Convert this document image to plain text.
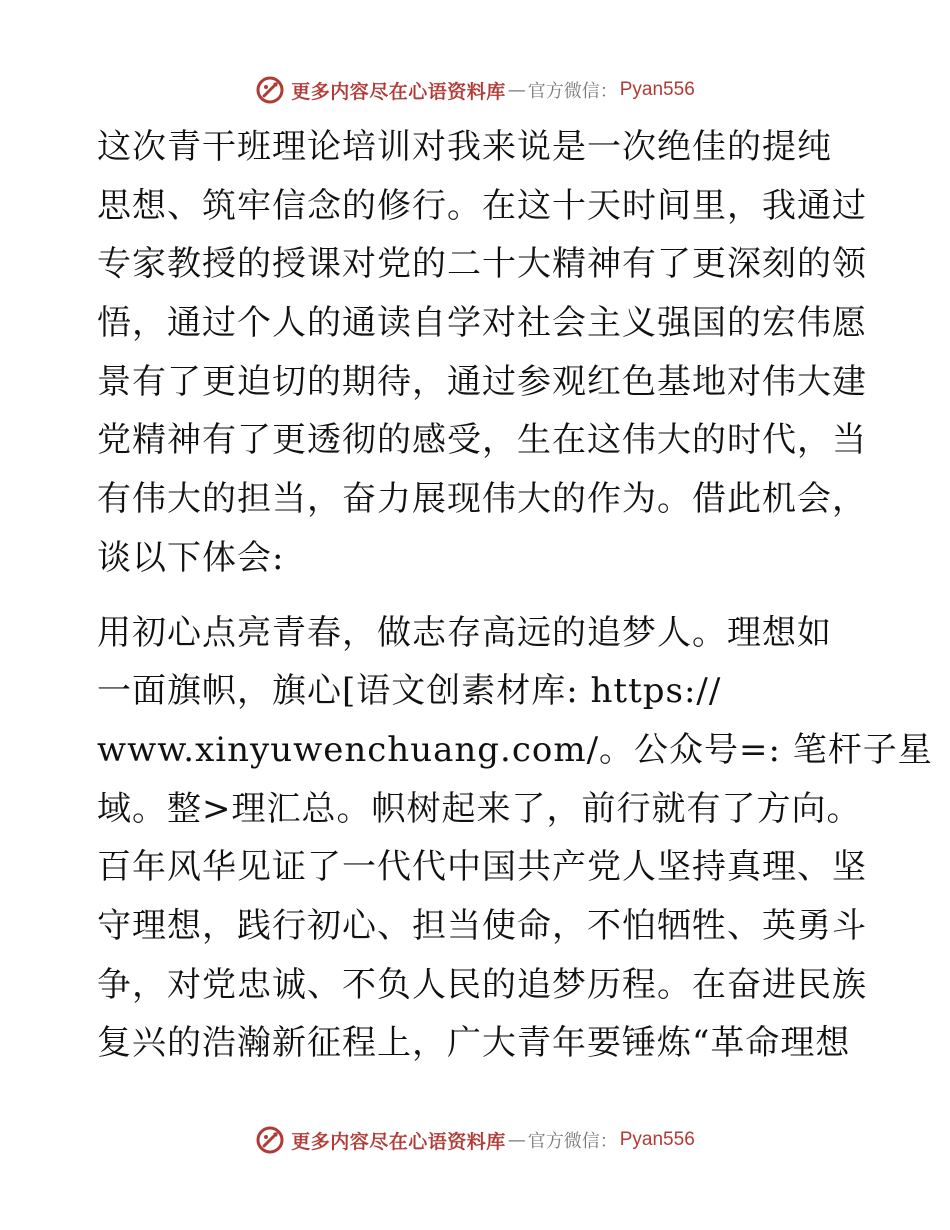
更多内容尽在心语资料库 — 官方微信： Pyan556
这次青干班理论培训对我来说是一次绝佳的提纯
思想、筑牢信念的修行。在这十天时间里，我通过
专家教授的授课对党的二十大精神有了更深刻的领
悟，通过个人的通读自学对社会主义强国的宏伟愿
景有了更迫切的期待，通过参观红色基地对伟大建
党精神有了更透彻的感受，生在这伟大的时代，当
有伟大的担当，奋力展现伟大的作为。借此机会，
谈以下体会:
用初心点亮青春，做志存高远的追梦人。理想如
一面旗帜，旗心[语文创素材库: https://
www.xinyuwenchuang.com/。公众号=: 笔杆子星
域。整>理汇总。帜树起来了，前行就有了方向。
百年风华见证了一代代中国共产党人坚持真理、坚
守理想，践行初心、担当使命，不怕牺牲、英勇斗
争，对党忠诚、不负人民的追梦历程。在奋进民族
复兴的浩瀚新征程上，广大青年要锤炼“革命理想
更多内容尽在心语资料库 — 官方微信： Pyan556
